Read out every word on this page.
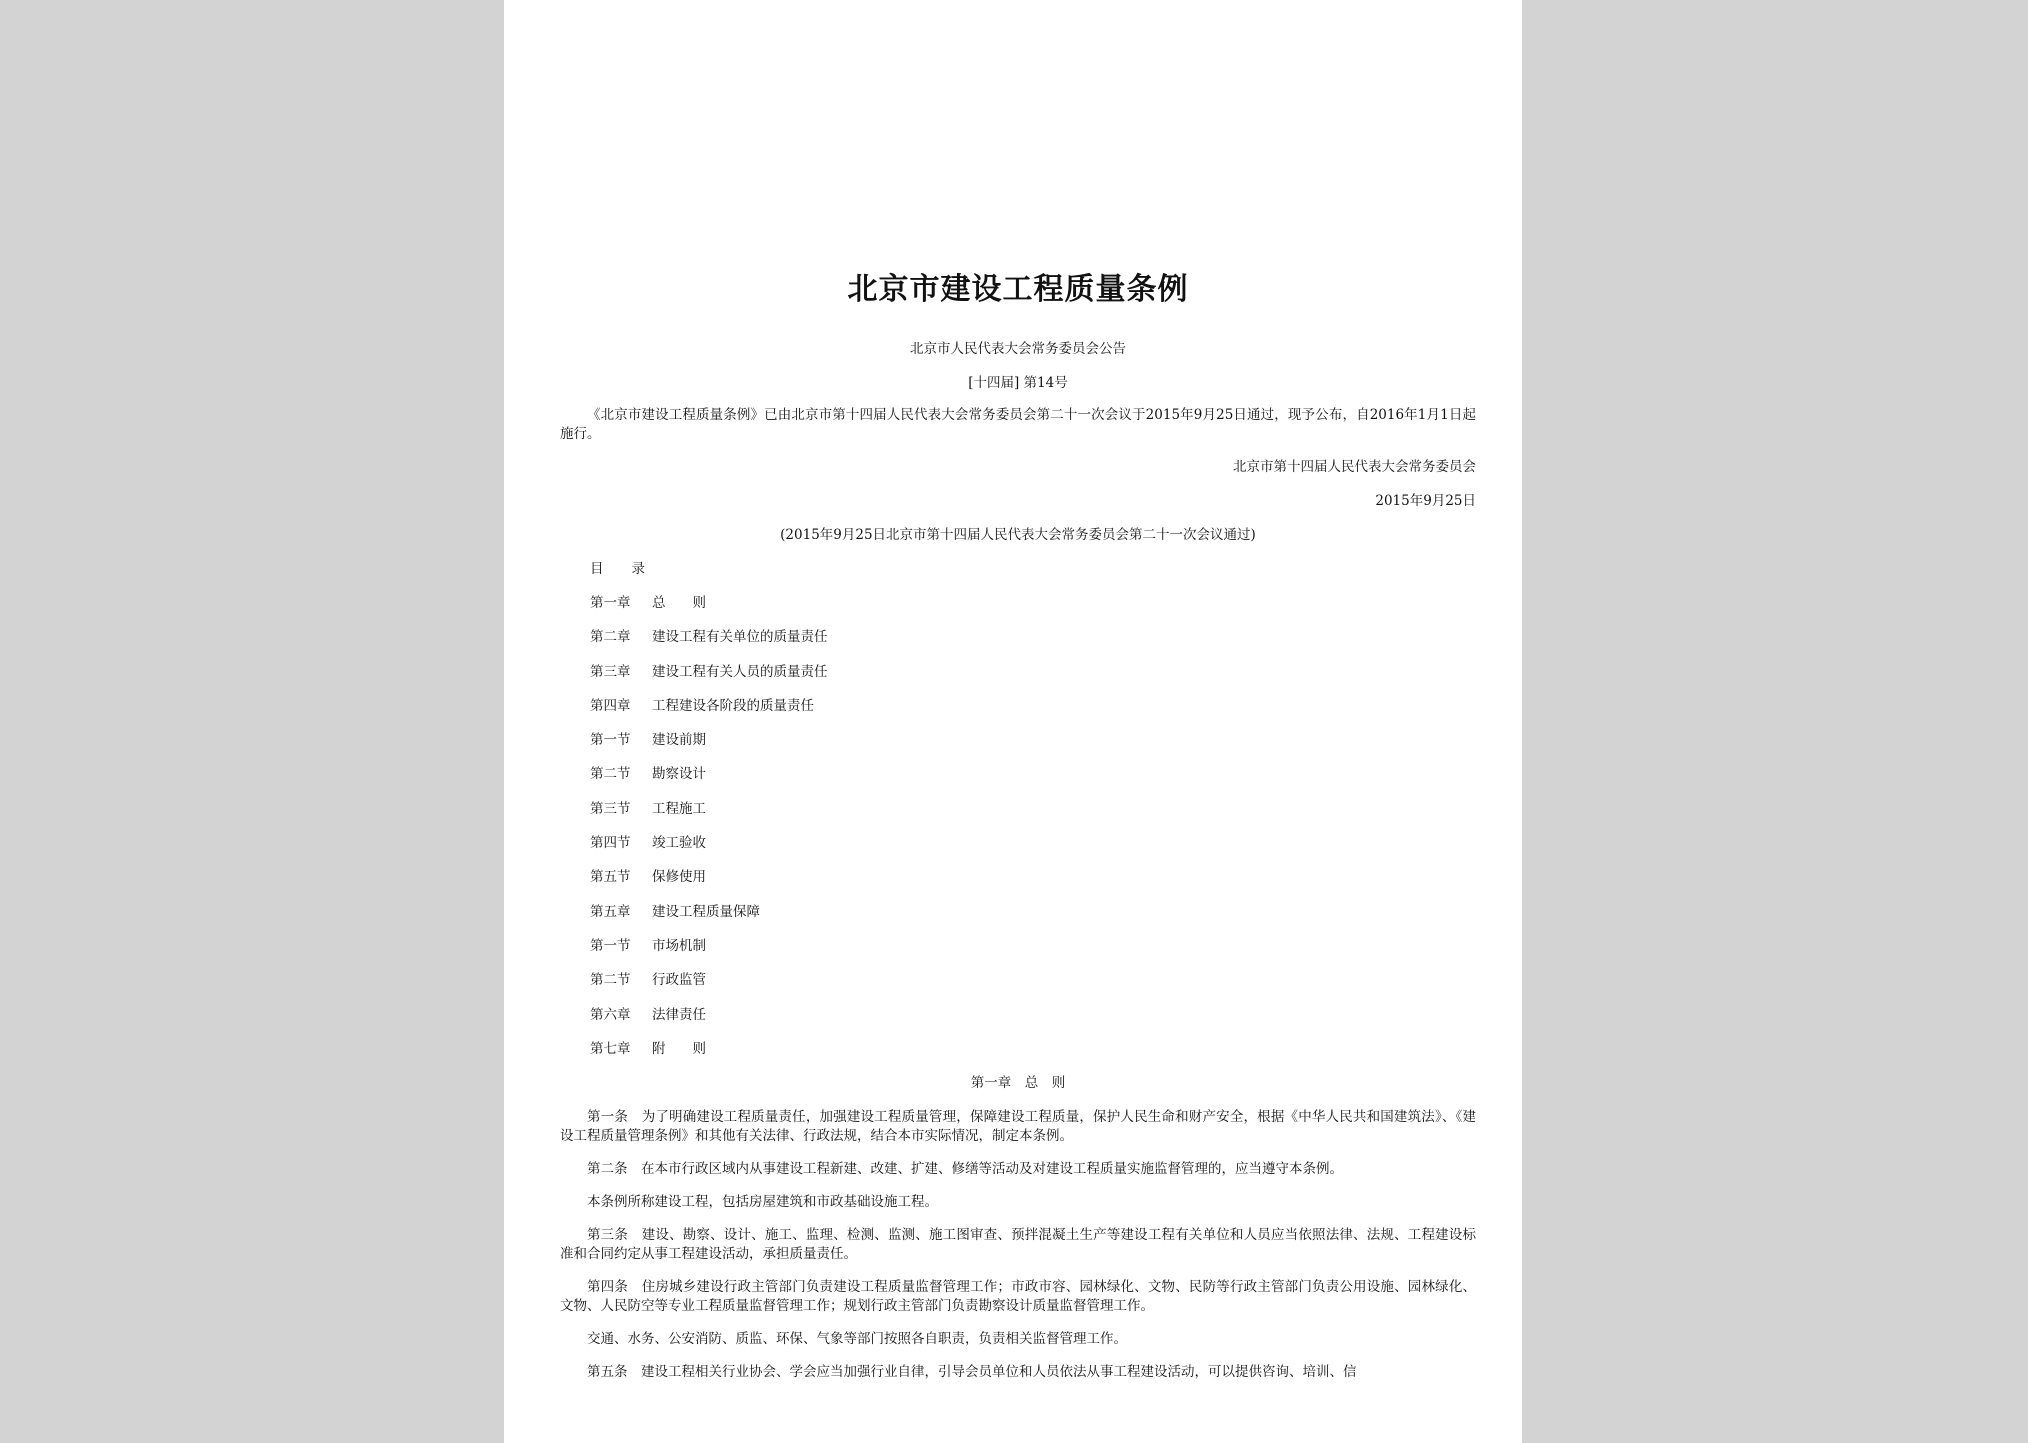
北京市建设工程质量条例
北京市人民代表大会常务委员会公告
[十四届] 第14号

《北京市建设工程质量条例》已由北京市第十四届人民代表大会常务委员会第二十一次会议于2015年9月25日通过，现予公布，自2016年1月1日起施行。

北京市第十四届人民代表大会常务委员会
2015年9月25日
(2015年9月25日北京市第十四届人民代表大会常务委员会第二十一次会议通过)
目录
第一章 总　　则
第二章 建设工程有关单位的质量责任
第三章 建设工程有关人员的质量责任
第四章 工程建设各阶段的质量责任
第一节 建设前期
第二节 勘察设计
第三节 工程施工
第四节 竣工验收
第五节 保修使用
第五章 建设工程质量保障
第一节 市场机制
第二节 行政监管
第六章 法律责任
第七章 附　　则
第一章　总　则

第一条　为了明确建设工程质量责任，加强建设工程质量管理，保障建设工程质量，保护人民生命和财产安全，根据《中华人民共和国建筑法》、《建设工程质量管理条例》和其他有关法律、行政法规，结合本市实际情况，制定本条例。

第二条　在本市行政区域内从事建设工程新建、改建、扩建、修缮等活动及对建设工程质量实施监督管理的，应当遵守本条例。

本条例所称建设工程，包括房屋建筑和市政基础设施工程。

第三条　建设、勘察、设计、施工、监理、检测、监测、施工图审查、预拌混凝土生产等建设工程有关单位和人员应当依照法律、法规、工程建设标准和合同约定从事工程建设活动，承担质量责任。

第四条　住房城乡建设行政主管部门负责建设工程质量监督管理工作；市政市容、园林绿化、文物、民防等行政主管部门负责公用设施、园林绿化、文物、人民防空等专业工程质量监督管理工作；规划行政主管部门负责勘察设计质量监督管理工作。

交通、水务、公安消防、质监、环保、气象等部门按照各自职责，负责相关监督管理工作。

第五条　建设工程相关行业协会、学会应当加强行业自律，引导会员单位和人员依法从事工程建设活动，可以提供咨询、培训、信
